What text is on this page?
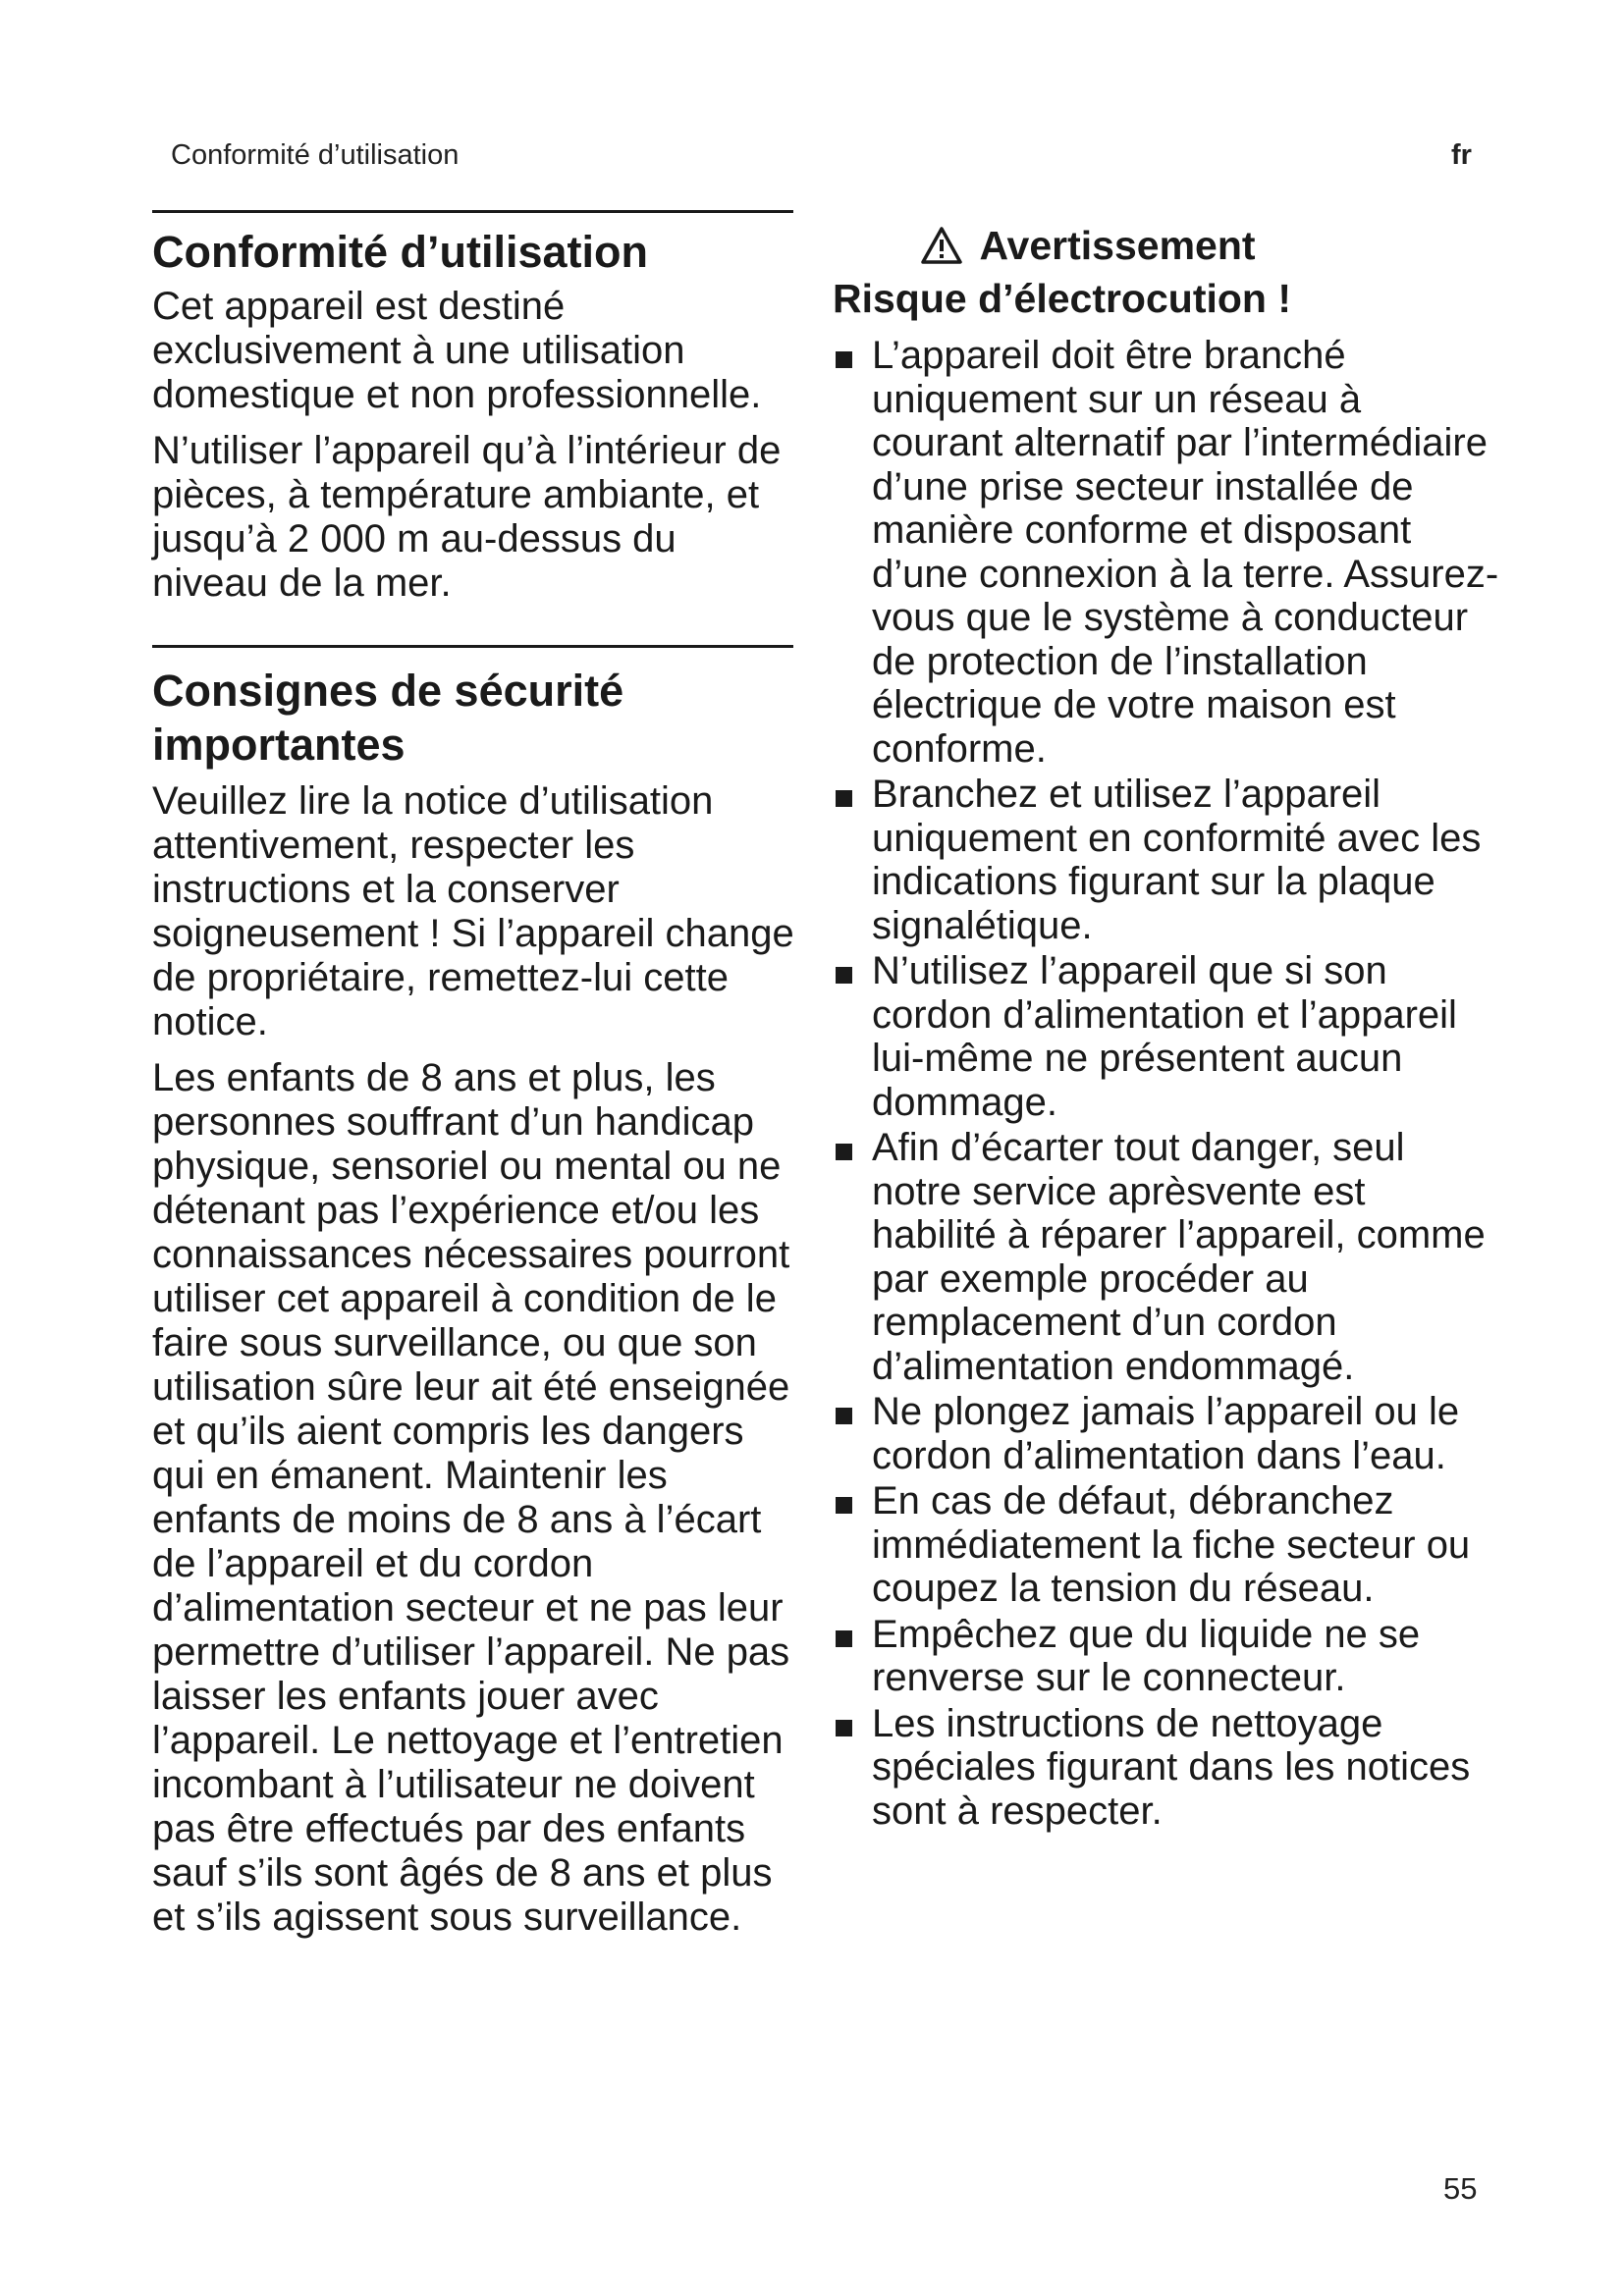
Conformité d’utilisation	fr
Conformité d’utilisation

Cet appareil est destiné exclusivement à une utilisation domestique et non professionnelle.

N’utiliser l’appareil qu’à l’intérieur de pièces, à température ambiante, et jusqu’à 2 000 m au-dessus du niveau de la mer.

Consignes de sécurité importantes

Veuillez lire la notice d’utilisation attentivement, respecter les instructions et la conserver soigneusement ! Si l’appareil change de propriétaire, remettez-lui cette notice.

Les enfants de 8 ans et plus, les personnes souffrant d’un handicap physique, sensoriel ou mental ou ne détenant pas l’expérience et/ou les connaissances nécessaires pourront utiliser cet appareil à condition de le faire sous surveillance, ou que son utilisation sûre leur ait été enseignée et qu’ils aient compris les dangers qui en émanent. Maintenir les enfants de moins de 8 ans à l’écart de l’appareil et du cordon d’alimentation secteur et ne pas leur permettre d’utiliser l’appareil. Ne pas laisser les enfants jouer avec l’appareil. Le nettoyage et l’entretien incombant à l’utilisateur ne doivent pas être effectués par des enfants sauf s’ils sont âgés de 8 ans et plus et s’ils agissent sous surveillance.

Avertissement
Risque d’électrocution !
L’appareil doit être branché uniquement sur un réseau à courant alternatif par l’intermédiaire d’une prise secteur installée de manière conforme et disposant d’une connexion à la terre. Assurez-vous que le système à conducteur de protection de l’installation électrique de votre maison est conforme.
Branchez et utilisez l’appareil uniquement en conformité avec les indications figurant sur la plaque signalétique.
N’utilisez l’appareil que si son cordon d’alimentation et l’appareil lui-même ne présentent aucun dommage.
Afin d’écarter tout danger, seul notre service aprèsvente est habilité à réparer l’appareil, comme par exemple procéder au remplacement d’un cordon d’alimentation endommagé.
Ne plongez jamais l’appareil ou le cordon d’alimentation dans l’eau.
En cas de défaut, débranchez immédiatement la fiche secteur ou coupez la tension du réseau.
Empêchez que du liquide ne se renverse sur le connecteur.
Les instructions de nettoyage spéciales figurant dans les notices sont à respecter.
55
